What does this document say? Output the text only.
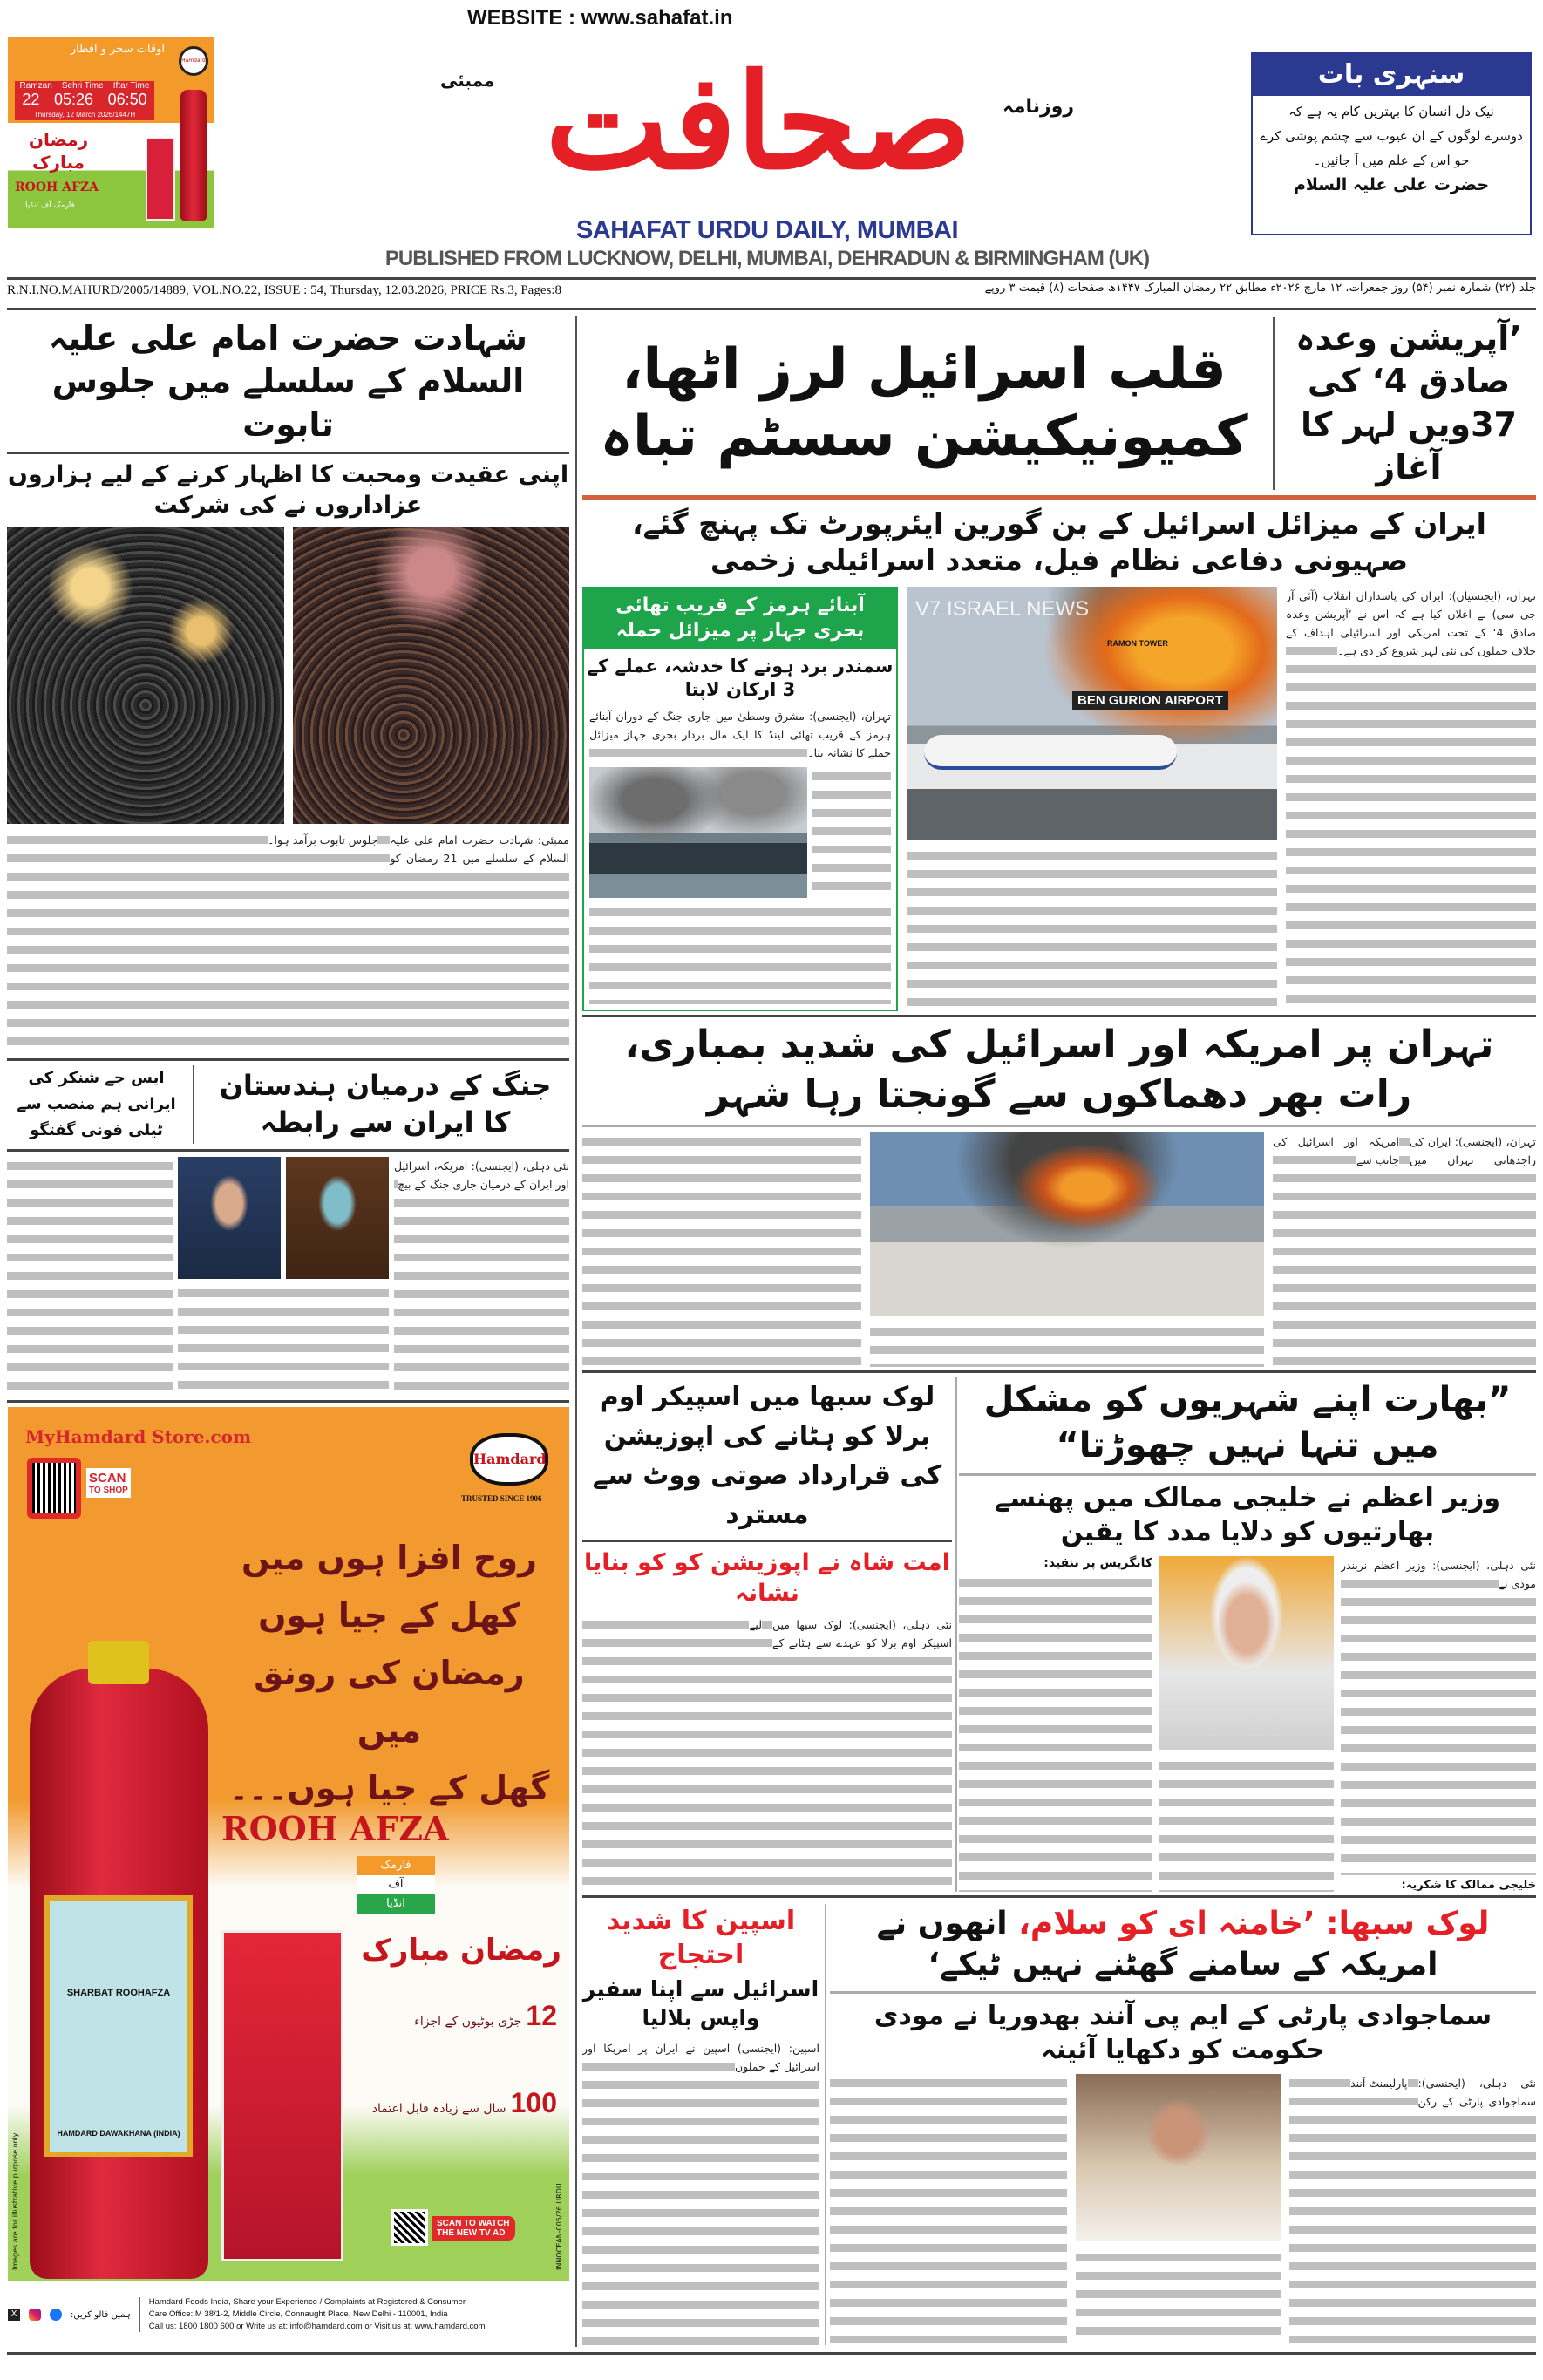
WEBSITE : www.sahafat.in
اوقات سحر و افطار
Hamdard
Ramzan Sehri Time Iftar Time
22 05:26 06:50
Thursday, 12 March 2026/1447H
رمضان مبارک
ROOH AFZA
فارمک آف انڈیا
صحافت	روزنامہ
ممبئی
SAHAFAT URDU DAILY, MUMBAI
PUBLISHED FROM LUCKNOW, DELHI, MUMBAI, DEHRADUN & BIRMINGHAM (UK)
سنہری بات
نیک دل انسان کا بہترین کام یہ ہے کہ
دوسرے لوگوں کے ان عیوب سے چشم پوشی کرے
جو اس کے علم میں آ جائیں۔
حضرت علی علیہ السلام
R.N.I.NO.MAHURD/2005/14889, VOL.NO.22, ISSUE : 54, Thursday, 12.03.2026, PRICE Rs.3, Pages:8	جلد (۲۲) شمارہ نمبر (۵۴) روز جمعرات، ۱۲ مارچ ۲۰۲۶ء مطابق ۲۲ رمضان المبارک ۱۴۴۷ھ صفحات (۸) قیمت ۳ روپے
شہادت حضرت امام علی علیہ السلام کے سلسلے میں جلوس تابوت
اپنی عقیدت ومحبت کا اظہار کرنے کے لیے ہزاروں عزاداروں نے کی شرکت
ممبئی: شہادت حضرت امام علی علیہ السلام کے سلسلے میں 21 رمضان کو جلوس تابوت برآمد ہوا۔
ایس جے شنکر کی ایرانی ہم منصب سے ٹیلی فونی گفتگو
جنگ کے درمیان ہندستان کا ایران سے رابطہ
نئی دہلی، (ایجنسی): امریکہ، اسرائیل اور ایران کے درمیان جاری جنگ کے بیچ
MyHamdard Store.com
SCAN
TO SHOP
Hamdard
TRUSTED SINCE 1906
روح افزا ہوں میں
کھل کے جیا ہوں
رمضان کی رونق میں
گھل کے جیا ہوں۔۔۔
SHARBAT ROOHAFZA
HAMDARD DAWAKHANA (INDIA)
ROOH AFZA
فارمک
آف
انڈیا
رمضان مبارک
12 جڑی بوٹیوں کے اجزاء
100 سال سے زیادہ قابل اعتماد
Images are for illustrative purpose only	INNOCEAN-005/26 URDU
SCAN TO WATCH
THE NEW TV AD
X	ہمیں فالو کریں:
Hamdard Foods India, Share your Experience / Complaints at Registered & Consumer
Care Office: M 38/1-2, Middle Circle, Connaught Place, New Delhi - 110001, India
Call us: 1800 1800 600 or Write us at: info@hamdard.com or Visit us at: www.hamdard.com
قلب اسرائیل لرز اٹھا، کمیونیکیشن سسٹم تباہ
’آپریشن وعدہ صادق 4‘ کی 37ویں لہر کا آغاز
ایران کے میزائل اسرائیل کے بن گورین ایئرپورٹ تک پہنچ گئے، صہیونی دفاعی نظام فیل، متعدد اسرائیلی زخمی
آبنائے ہرمز کے قریب تھائی بحری جہاز پر میزائل حملہ
سمندر برد ہونے کا خدشہ، عملے کے 3 ارکان لاپتا
تہران، (ایجنسی): مشرق وسطیٰ میں جاری جنگ کے دوران آبنائے ہرمز کے قریب تھائی لینڈ کا ایک مال بردار بحری جہاز میزائل حملے کا نشانہ بنا۔
V7 ISRAEL NEWS
RAMON TOWER
BEN GURION AIRPORT
تہران، (ایجنسیاں): ایران کی پاسداران انقلاب (آئی آر جی سی) نے اعلان کیا ہے کہ اس نے ’آپریشن وعدہ صادق 4‘ کے تحت امریکی اور اسرائیلی اہداف کے خلاف حملوں کی نئی لہر شروع کر دی ہے۔
تہران پر امریکہ اور اسرائیل کی شدید بمباری، رات بھر دھماکوں سے گونجتا رہا شہر
تہران، (ایجنسی): ایران کی راجدھانی تہران میں امریکہ اور اسرائیل کی جانب سے
لوک سبھا میں اسپیکر اوم برلا کو ہٹانے کی اپوزیشن کی قرارداد صوتی ووٹ سے مسترد
امت شاہ نے اپوزیشن کو کو بنایا نشانہ
نئی دہلی، (ایجنسی): لوک سبھا میں اسپیکر اوم برلا کو عہدے سے ہٹانے کے لیے
”بھارت اپنے شہریوں کو مشکل میں تنہا نہیں چھوڑتا“
وزیر اعظم نے خلیجی ممالک میں پھنسے بھارتیوں کو دلایا مدد کا یقین
کانگریس پر تنقید:	نئی دہلی، (ایجنسی): وزیر اعظم نریندر مودی نے
خلیجی ممالک کا شکریہ:
اسپین کا شدید احتجاج
اسرائیل سے اپنا سفیر واپس بلالیا
اسپین: (ایجنسی) اسپین نے ایران پر امریکا اور اسرائیل کے حملوں
لوک سبھا: ’خامنہ ای کو سلام، انھوں نے امریکہ کے سامنے گھٹنے نہیں ٹیکے‘
سماجوادی پارٹی کے ایم پی آنند بھدوریا نے مودی حکومت کو دکھایا آئینہ
نئی دہلی، (ایجنسی): سماجوادی پارٹی کے رکن پارلیمنٹ آنند
